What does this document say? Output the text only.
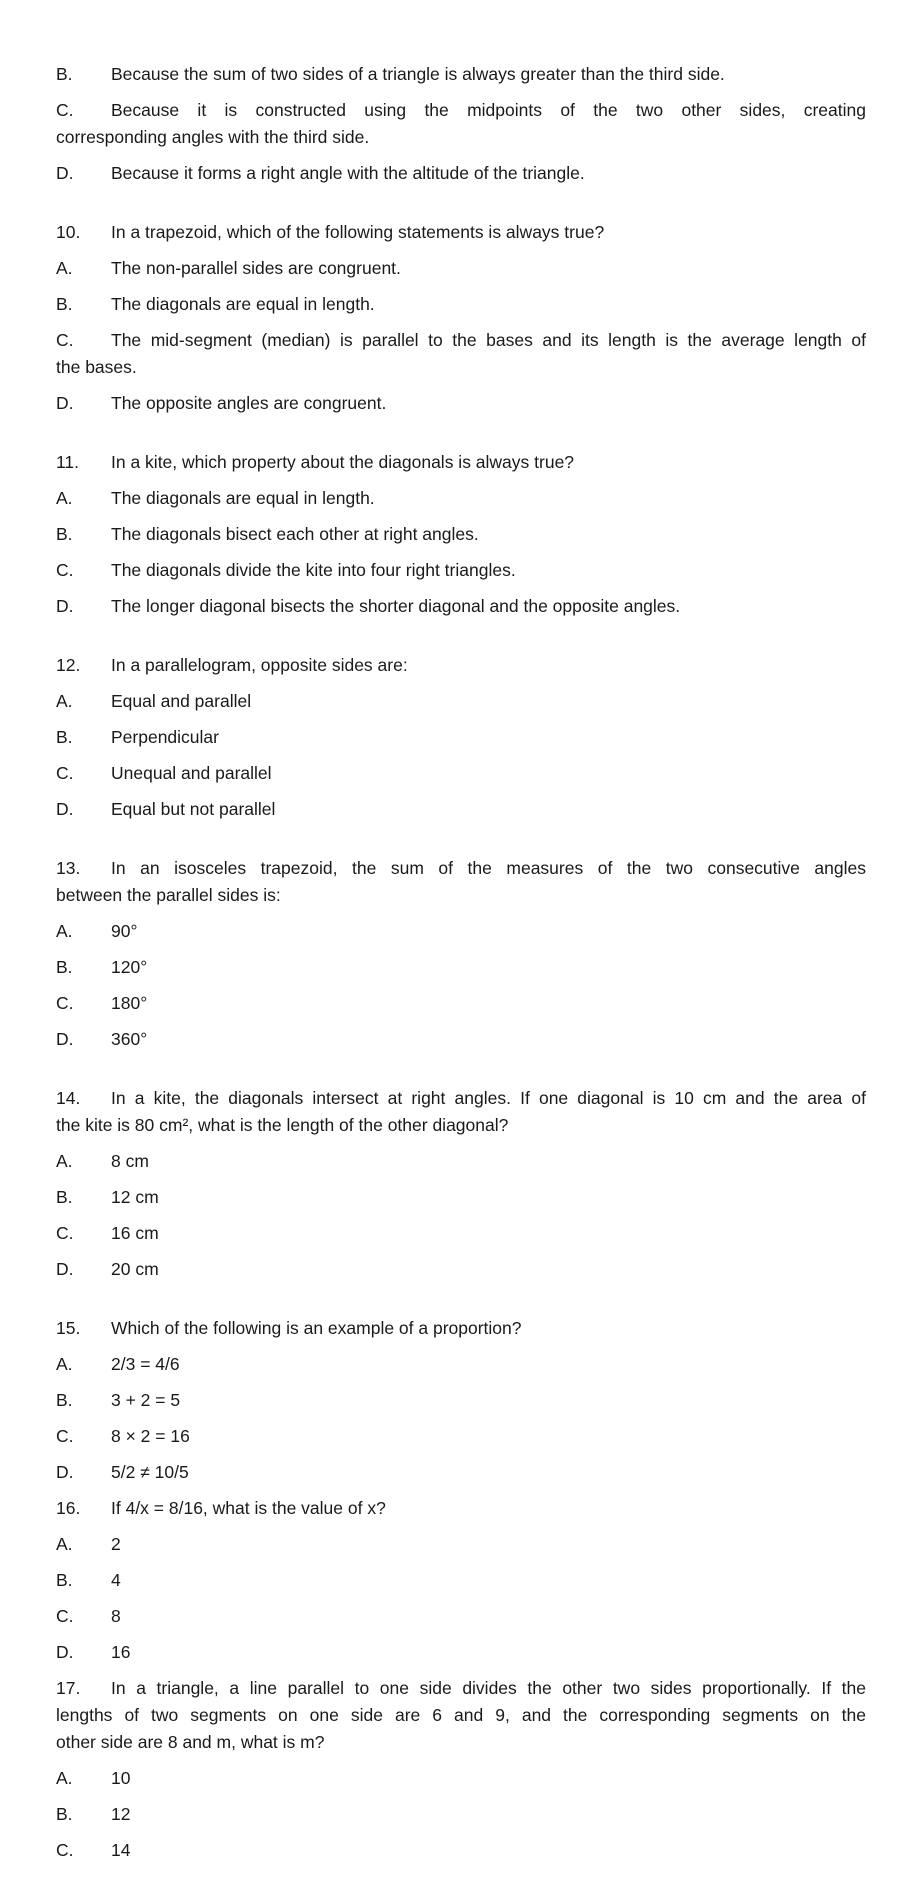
B. Because the sum of two sides of a triangle is always greater than the third side.
C. Because it is constructed using the midpoints of the two other sides, creating
corresponding angles with the third side.
D. Because it forms a right angle with the altitude of the triangle.
10. In a trapezoid, which of the following statements is always true?
A. The non-parallel sides are congruent.
B. The diagonals are equal in length.
C. The mid-segment (median) is parallel to the bases and its length is the average length of
the bases.
D. The opposite angles are congruent.
11. In a kite, which property about the diagonals is always true?
A. The diagonals are equal in length.
B. The diagonals bisect each other at right angles.
C. The diagonals divide the kite into four right triangles.
D. The longer diagonal bisects the shorter diagonal and the opposite angles.
12. In a parallelogram, opposite sides are:
A. Equal and parallel
B. Perpendicular
C. Unequal and parallel
D. Equal but not parallel
13. In an isosceles trapezoid, the sum of the measures of the two consecutive angles
between the parallel sides is:
A. 90°
B. 120°
C. 180°
D. 360°
14. In a kite, the diagonals intersect at right angles. If one diagonal is 10 cm and the area of
the kite is 80 cm², what is the length of the other diagonal?
A. 8 cm
B. 12 cm
C. 16 cm
D. 20 cm
15. Which of the following is an example of a proportion?
A. 2/3 = 4/6
B. 3 + 2 = 5
C. 8 × 2 = 16
D. 5/2 ≠ 10/5
16. If 4/x = 8/16, what is the value of x?
A. 2
B. 4
C. 8
D. 16
17. In a triangle, a line parallel to one side divides the other two sides proportionally. If the
lengths of two segments on one side are 6 and 9, and the corresponding segments on the
other side are 8 and m, what is m?
A. 10
B. 12
C. 14
